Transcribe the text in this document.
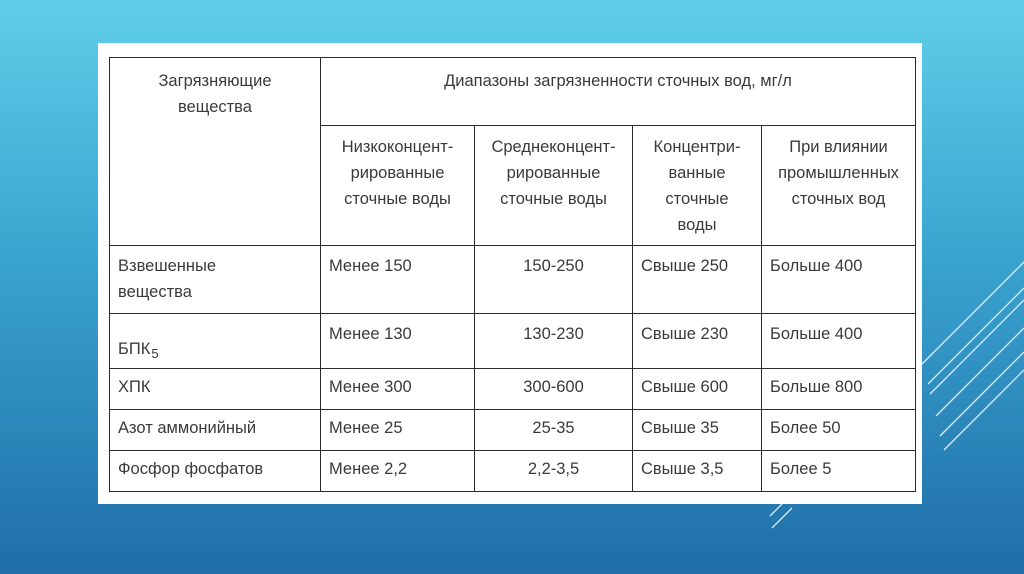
Загрязняющие
вещества	Диапазоны загрязненности сточных вод, мг/л			

	Низкоконцент-
рированные
сточные воды	Среднеконцент-
рированные
сточные воды	Концентри-
ванные
сточные
воды	При влиянии
промышленных
сточных вод

Взвешенные
вещества	Менее 150	150-250	Свыше 250	Больше 400

$БПК_5$	Менее 130	130-230	Свыше 230	Больше 400

ХПК	Менее 300	300-600	Свыше 600	Больше 800

Азот аммонийный	Менее 25	25-35	Свыше 35	Более 50

Фосфор фосфатов	Менее 2,2	2,2-3,5	Свыше 3,5	Более 5
